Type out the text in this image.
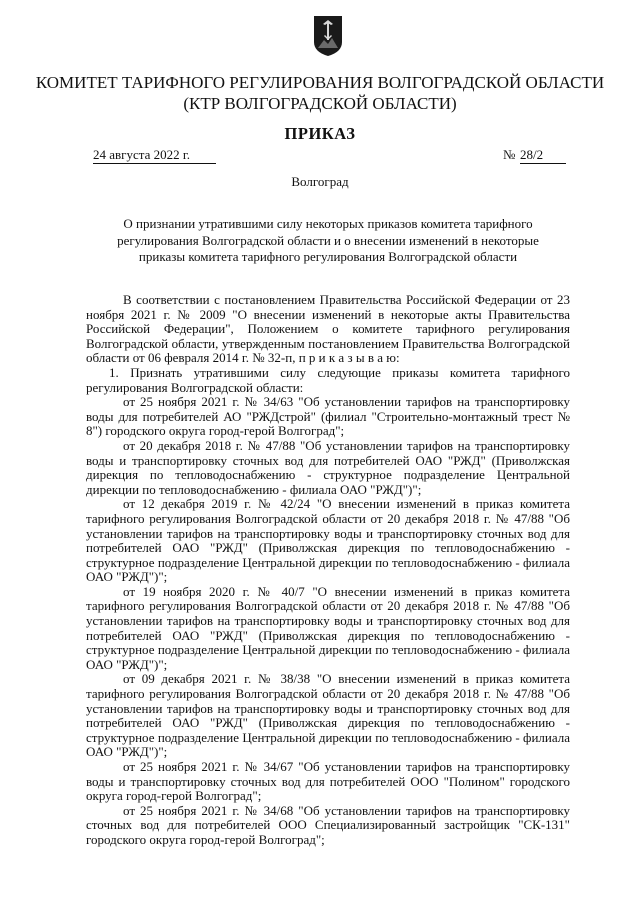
КОМИТЕТ ТАРИФНОГО РЕГУЛИРОВАНИЯ ВОЛГОГРАДСКОЙ ОБЛАСТИ
(КТР ВОЛГОГРАДСКОЙ ОБЛАСТИ)
ПРИКАЗ
24 августа 2022 г.	№ 28/2
Волгоград
О признании утратившими силу некоторых приказов комитета тарифного регулирования Волгоградской области и о внесении изменений в некоторые приказы комитета тарифного регулирования Волгоградской области

В соответствии с постановлением Правительства Российской Федерации от 23 ноября 2021 г. № 2009 "О внесении изменений в некоторые акты Правительства Российской Федерации", Положением о комитете тарифного регулирования Волгоградской области, утвержденным постановлением Правительства Волгоградской области от 06 февраля 2014 г. № 32-п, п р и к а з ы в а ю:

1. Признать утратившими силу следующие приказы комитета тарифного регулирования Волгоградской области:

от 25 ноября 2021 г. № 34/63 "Об установлении тарифов на транспортировку воды для потребителей АО "РЖДстрой" (филиал "Строительно-монтажный трест № 8") городского округа город-герой Волгоград";

от 20 декабря 2018 г. № 47/88 "Об установлении тарифов на транспортировку воды и транспортировку сточных вод для потребителей ОАО "РЖД" (Приволжская дирекция по тепловодоснабжению - структурное подразделение Центральной дирекции по тепловодоснабжению - филиала ОАО "РЖД")";

от 12 декабря 2019 г. № 42/24 "О внесении изменений в приказ комитета тарифного регулирования Волгоградской области от 20 декабря 2018 г. № 47/88 "Об установлении тарифов на транспортировку воды и транспортировку сточных вод для потребителей ОАО "РЖД" (Приволжская дирекция по тепловодоснабжению - структурное подразделение Центральной дирекции по тепловодоснабжению - филиала ОАО "РЖД")";

от 19 ноября 2020 г. № 40/7 "О внесении изменений в приказ комитета тарифного регулирования Волгоградской области от 20 декабря 2018 г. № 47/88 "Об установлении тарифов на транспортировку воды и транспортировку сточных вод для потребителей ОАО "РЖД" (Приволжская дирекция по тепловодоснабжению - структурное подразделение Центральной дирекции по тепловодоснабжению - филиала ОАО "РЖД")";

от 09 декабря 2021 г. № 38/38 "О внесении изменений в приказ комитета тарифного регулирования Волгоградской области от 20 декабря 2018 г. № 47/88 "Об установлении тарифов на транспортировку воды и транспортировку сточных вод для потребителей ОАО "РЖД" (Приволжская дирекция по тепловодоснабжению - структурное подразделение Центральной дирекции по тепловодоснабжению - филиала ОАО "РЖД")";

от 25 ноября 2021 г. № 34/67 "Об установлении тарифов на транспортировку воды и транспортировку сточных вод для потребителей ООО "Полином" городского округа город-герой Волгоград";

от 25 ноября 2021 г. № 34/68 "Об установлении тарифов на транспортировку сточных вод для потребителей ООО Специализированный застройщик "СК-131" городского округа город-герой Волгоград";
